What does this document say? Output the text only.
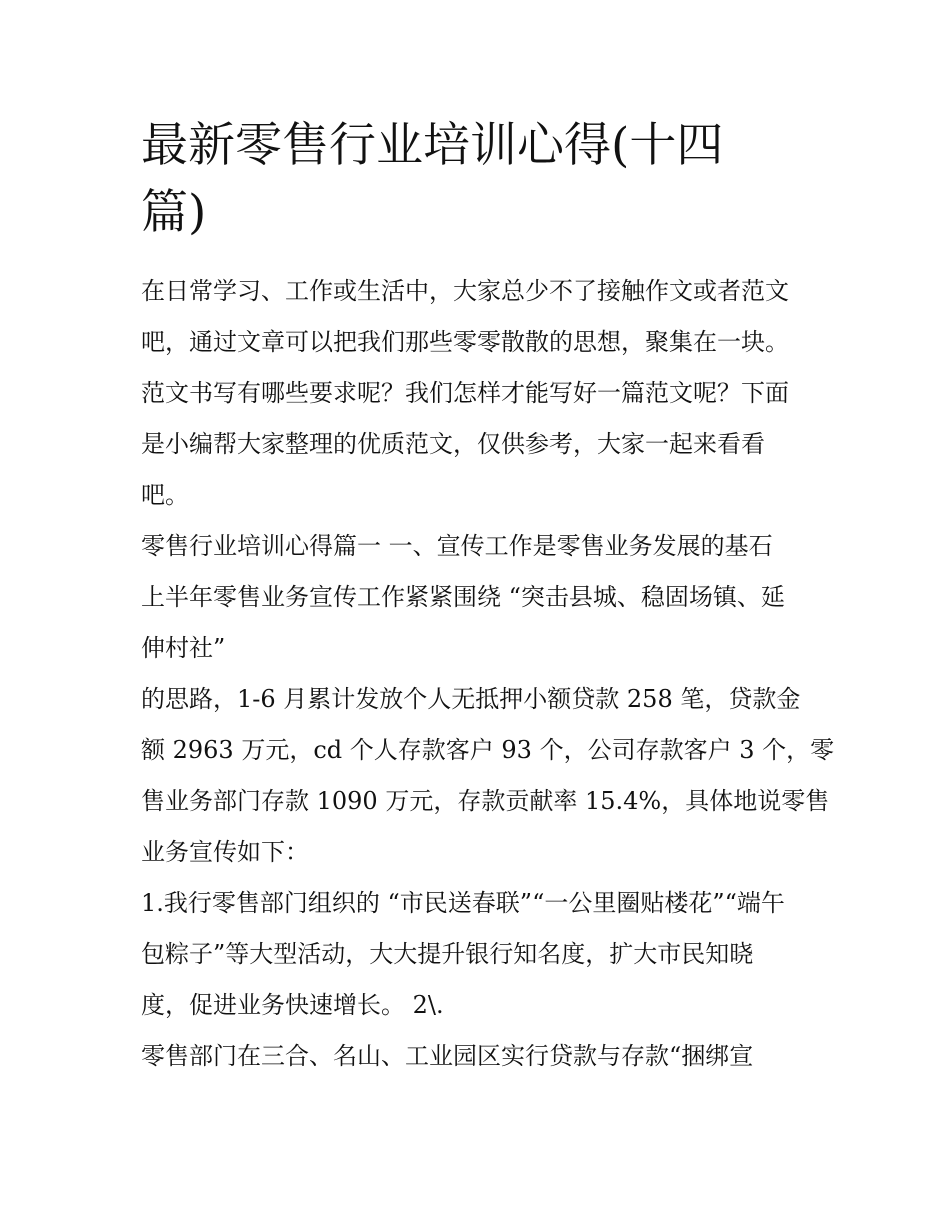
最新零售行业培训心得(十四
篇)
在日常学习、工作或生活中，大家总少不了接触作文或者范文
吧，通过文章可以把我们那些零零散散的思想，聚集在一块。
范文书写有哪些要求呢？我们怎样才能写好一篇范文呢？下面
是小编帮大家整理的优质范文，仅供参考，大家一起来看看
吧。
零售行业培训心得篇一 一、宣传工作是零售业务发展的基石
上半年零售业务宣传工作紧紧围绕 “突击县城、稳固场镇、延
伸村社”
的思路，1-6 月累计发放个人无抵押小额贷款 258 笔，贷款金
额 2963 万元，cd 个人存款客户 93 个，公司存款客户 3 个，零
售业务部门存款 1090 万元，存款贡献率 15.4%，具体地说零售
业务宣传如下：
1.我行零售部门组织的 “市民送春联”“一公里圈贴楼花”“端午
包粽子”等大型活动，大大提升银行知名度，扩大市民知晓
度，促进业务快速增长。 2\.
零售部门在三合、名山、工业园区实行贷款与存款“捆绑宣
